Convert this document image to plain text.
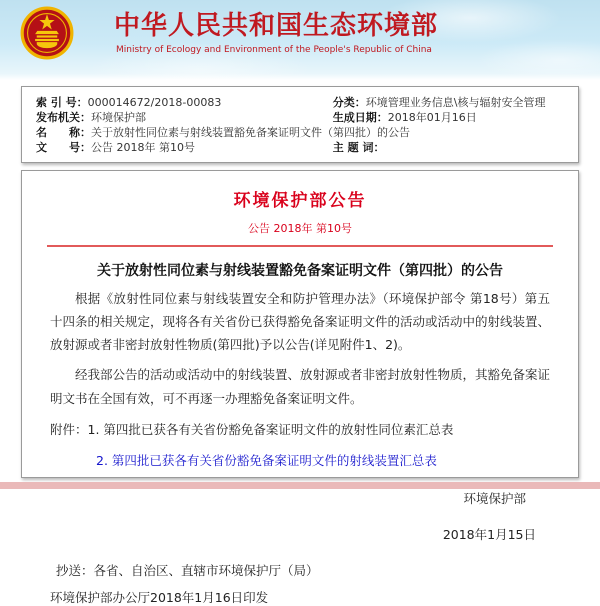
中华人民共和国生态环境部
Ministry of Ecology and Environment of the People's Republic of China
索 引 号：000014672/2018-00083	分类：环境管理业务信息\核与辐射安全管理
发布机关：环境保护部	生成日期：2018年01月16日
名　　称：关于放射性同位素与射线装置豁免备案证明文件（第四批）的公告
文　　号：公告 2018年 第10号	主 题 词：
环境保护部公告
公告 2018年 第10号
关于放射性同位素与射线装置豁免备案证明文件（第四批）的公告

根据《放射性同位素与射线装置安全和防护管理办法》（环境保护部令 第18号）第五十四条的相关规定，现将各有关省份已获得豁免备案证明文件的活动或活动中的射线装置、放射源或者非密封放射性物质(第四批)予以公告(详见附件1、2)。

经我部公告的活动或活动中的射线装置、放射源或者非密封放射性物质，其豁免备案证明文书在全国有效，可不再逐一办理豁免备案证明文件。

附件：1. 第四批已获各有关省份豁免备案证明文件的放射性同位素汇总表
2. 第四批已获各有关省份豁免备案证明文件的射线装置汇总表
环境保护部
2018年1月15日
抄送：各省、自治区、直辖市环境保护厅（局）
环境保护部办公厅2018年1月16日印发
